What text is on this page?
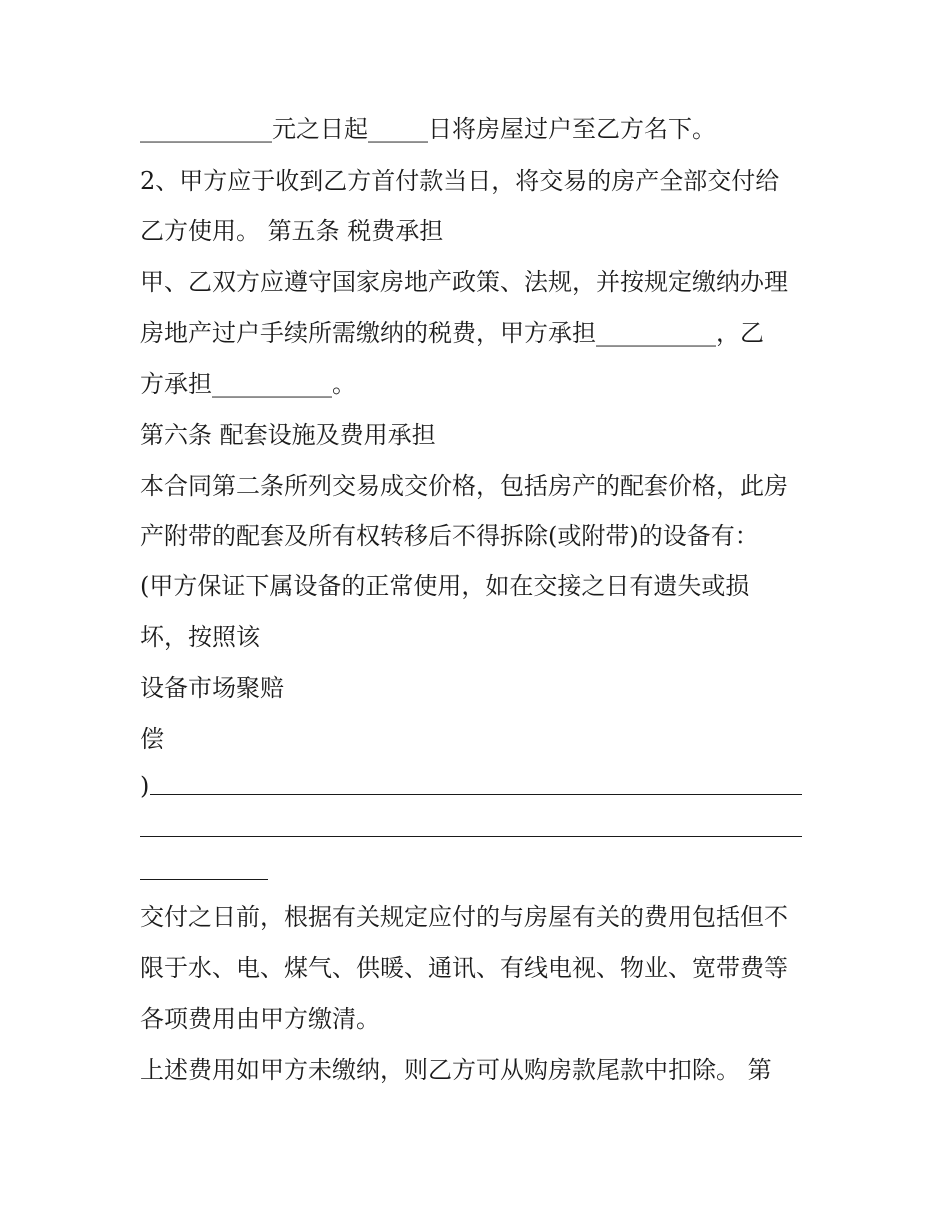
___________元之日起_____日将房屋过户至乙方名下。
2、甲方应于收到乙方首付款当日，将交易的房产全部交付给
乙方使用。 第五条 税费承担
甲、乙双方应遵守国家房地产政策、法规，并按规定缴纳办理
房地产过户手续所需缴纳的税费，甲方承担__________，乙
方承担__________。
第六条 配套设施及费用承担
本合同第二条所列交易成交价格，包括房产的配套价格，此房
产附带的配套及所有权转移后不得拆除(或附带)的设备有：
(甲方保证下属设备的正常使用，如在交接之日有遗失或损
坏，按照该
设备市场聚赔
偿
)
交付之日前，根据有关规定应付的与房屋有关的费用包括但不
限于水、电、煤气、供暖、通讯、有线电视、物业、宽带费等
各项费用由甲方缴清。
上述费用如甲方未缴纳，则乙方可从购房款尾款中扣除。 第
